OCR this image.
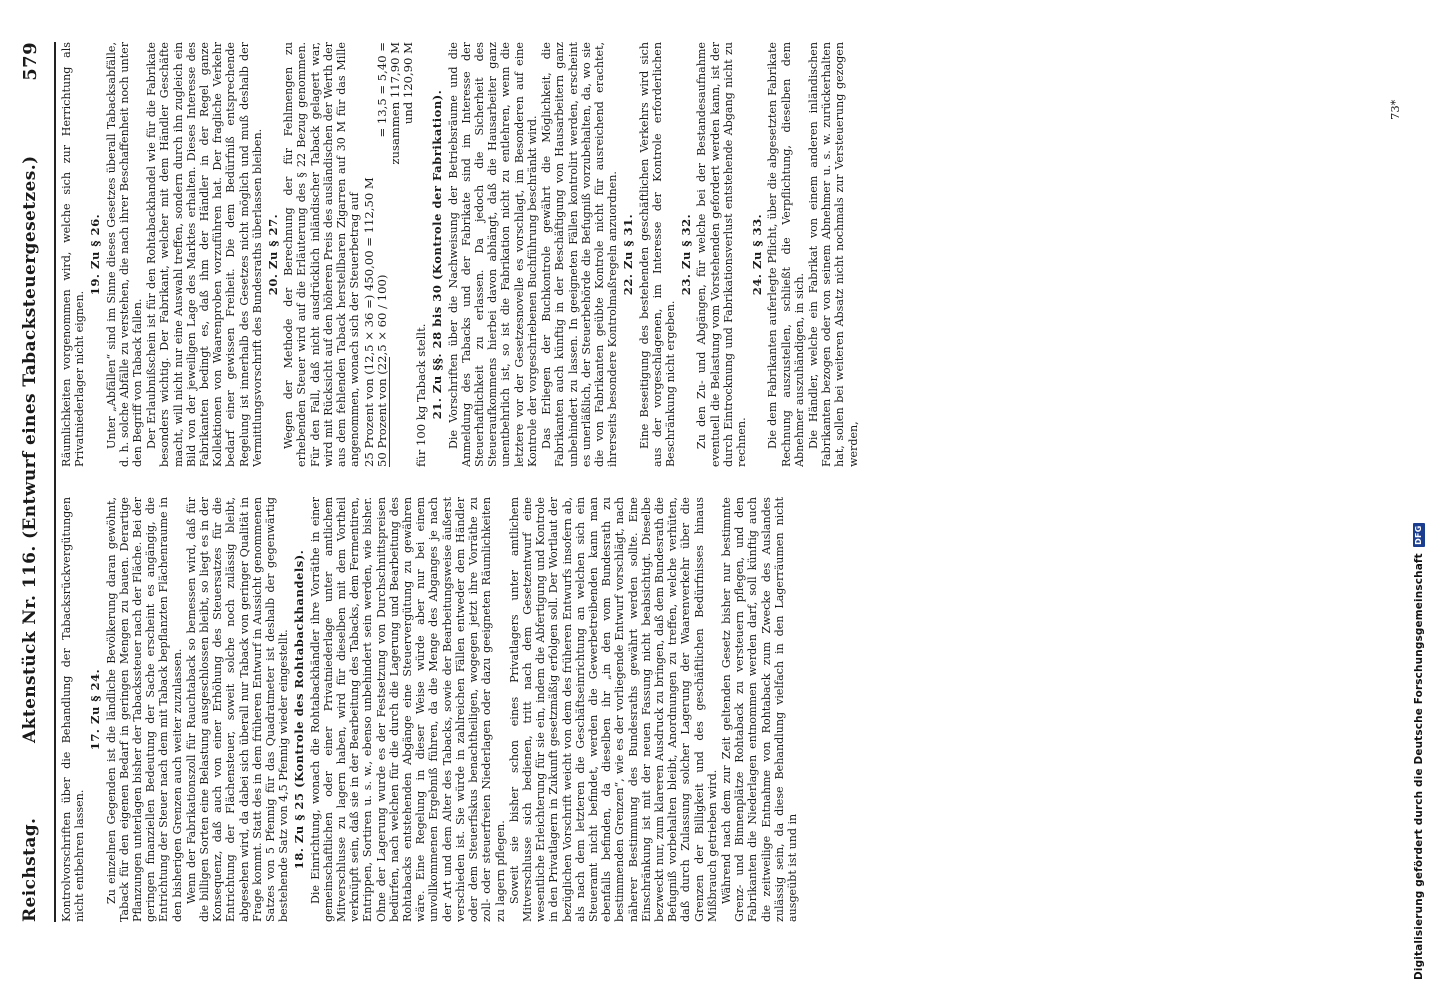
Reichstag.
Aktenstück Nr. 116. (Entwurf eines Tabacksteuergesetzes.)
579

Kontrolvorschriften über die Behandlung der Tabacksrückvergütungen nicht entbehren lassen.

17. Zu § 24. Zu einzelnen Gegenden ist die ländliche Bevölkerung daran gewöhnt, Taback für den eigenen Bedarf in geringen Mengen zu bauen. Derartige Pflanzungen unterlagen bisher der Tabackssteuer nach der Fläche. Bei der geringen finanziellen Bedeutung der Sache erscheint es angängig, die Entrichtung der Steuer nach dem mit Taback bepflanzten Flächenraume in den bisherigen Grenzen auch weiter zuzulassen. Wenn der Fabrikationszoll für Rauchtaback so bemessen wird, daß für die billigen Sorten eine Belastung ausgeschlossen bleibt, so liegt es in der Konsequenz, daß auch von einer Erhöhung des Steuersatzes für die Entrichtung der Flächensteuer, soweit solche noch zulässig bleibt, abgesehen wird, da dabei sich überall nur Taback von geringer Qualität in Frage kommt. Statt des in dem früheren Entwurf in Aussicht genommenen Satzes von 5 Pfennig für das Quadratmeter ist deshalb der gegenwärtig bestehende Satz von 4,5 Pfennig wieder eingestellt. 18. Zu § 25 (Kontrole des Rohtabackhandels). Die Einrichtung, wonach die Rohtabackhändler ihre Vorräthe in einer gemeinschaftlichen oder einer Privatniederlage unter amtlichem Mitverschlusse zu lagern haben, wird für dieselben mit dem Vortheil verknüpft sein, daß sie in der Bearbeitung des Tabacks, dem Fermentiren, Entrippen, Sortiren u. s. w., ebenso unbehindert sein werden, wie bisher. Ohne der Lagerung wurde es der Festsetzung von Durchschnittspreisen bedürfen, nach welchen für die durch die Lagerung und Bearbeitung des Rohtabacks entstehenden Abgänge eine Steuervergütung zu gewähren wäre. Eine Regelung in dieser Weise würde aber nur bei einem unvollkommenen Ergebniß führen, da die Menge des Abganges je nach der Art und dem Alter des Tabacks, sowie der Bearbeitungsweise äußerst verschieden ist. Sie würde in zahlreichen Fällen entweder dem Händler oder dem Steuerfiskus benachtheiligen, wogegen jetzt ihre Vorräthe zu zoll- oder steuerfreien Niederlagen oder dazu geeigneten Räumlichkeiten zu lagern pflegen. Soweit sie bisher schon eines Privatlagers unter amtlichem Mitverschlusse sich bedienen, tritt nach dem Gesetzentwurf eine wesentliche Erleichterung für sie ein, indem die Abfertigung und Kontrole in den Privatlagern in Zukunft gesetzmäßig erfolgen soll. Der Wortlaut der bezüglichen Vorschrift weicht von dem des früheren Entwurfs insofern ab, als nach dem letzteren die Geschäftseinrichtung an welchen sich ein Steueramt nicht befindet, werden die Gewerbetreibenden kann man ebenfalls befinden, da dieselben ihr „in den vom Bundesrath zu bestimmenden Grenzen“, wie es der vorliegende Entwurf vorschlägt, nach näherer Bestimmung des Bundesraths gewährt werden sollte. Eine Einschränkung ist mit der neuen Fassung nicht beabsichtigt. Dieselbe bezweckt nur, zum klareren Ausdruck zu bringen, daß dem Bundesrath die Befugniß vorbehalten bleibt, Anordnungen zu treffen, welche verhüten, daß durch Zulassung solcher Lagerung der Waarenverkehr über die Grenzen der Billigkeit und des geschäftlichen Bedürfnisses hinaus Mißbrauch getrieben wird. Während nach dem zur Zeit geltenden Gesetz bisher nur bestimmte Grenz- und Binnenplätze Rohtaback zu versteuern pflegen, und den Fabrikanten die Niederlagen entnommen werden darf, soll künftig auch die zeitweilige Entnahme von Rohtaback zum Zwecke des Auslandes zulässig sein, da diese Behandlung vielfach in den Lagerräumen nicht ausgeübt ist und in

Räumlichkeiten vorgenommen wird, welche sich zur Herrichtung als Privatniederlager nicht eignen.

19. Zu § 26. Unter „Abfällen“ sind im Sinne dieses Gesetzes überall Tabacksabfälle, d. h. solche Abfälle zu verstehen, die nach ihrer Beschaffenheit noch unter den Begriff von Taback fallen. Der Erlaubnißschein ist für den Rohtabackhandel wie für die Fabrikate besonders wichtig. Der Fabrikant, welcher mit dem Händler Geschäfte macht, will nicht nur eine Auswahl treffen, sondern durch ihn zugleich ein Bild von der jeweiligen Lage des Marktes erhalten. Dieses Interesse des Fabrikanten bedingt es, daß ihm der Händler in der Regel ganze Kollektionen von Waarenproben vorzuführen hat. Der fragliche Verkehr bedarf einer gewissen Freiheit. Die dem Bedürfniß entsprechende Regelung ist innerhalb des Gesetzes nicht möglich und muß deshalb der Vermittlungsvorschrift des Bundesraths überlassen bleiben. 20. Zu § 27. Wegen der Methode der Berechnung der für Fehlmengen zu erhebenden Steuer wird auf die Erläuterung des § 22 Bezug genommen. Für den Fall, daß nicht ausdrücklich inländischer Taback gelagert war, wird mit Rücksicht auf den höheren Preis des ausländischen der Werth der aus dem fehlenden Taback herstellbaren Zigarren auf 30 M für das Mille angenommen, wonach sich der Steuerbetrag auf 25 Prozent von (12,5 × 36 =) 450,00 = 112,50 M 50 Prozent von (22,5 × 60 / 100)
= 13,5 = 5,40 = zusammen 117,90 M und 120,90 M
für 100 kg Taback stellt. 21. Zu §§. 28 bis 30 (Kontrole der Fabrikation). Die Vorschriften über die Nachweisung der Betriebsräume und die Anmeldung des Tabacks und der Fabrikate sind im Interesse der Steuerhaftlichkeit zu erlassen. Da jedoch die Sicherheit des Steueraufkommens hierbei davon abhängt, daß die Hausarbeiter ganz unentbehrlich ist, so ist die Fabrikation nicht zu entlehren, wenn die letztere vor der Gesetzesnovelle es vorschlagt, im Besonderen auf eine Kontrole der vorgeschriebenen Buchführung beschränkt wird. Das Erliegen der Buchkontrole gewährt die Möglichkeit, die Fabrikanten auch künftig in der Beschäftigung von Hausarbeitern ganz unbehindert zu lassen. In geeigneten Fällen kontrolirt werden, erscheint es unerläßlich, der Steuerbehörde die Befugniß vorzubehalten, da, wo sie die von Fabrikanten geübte Kontrole nicht für ausreichend erachtet, ihrerseits besondere Kontrolmaßregeln anzuordnen. 22. Zu § 31. Eine Beseitigung des bestehenden geschäftlichen Verkehrs wird sich aus der vorgeschlagenen, im Interesse der Kontrole erforderlichen Beschränkung nicht ergeben.

23. Zu § 32. Zu den Zu- und Abgängen, für welche bei der Bestandesaufnahme eventuell die Belastung vom Vorstehenden gefordert werden kann, ist der durch Eintrocknung und Fabrikationsverlust entstehende Abgang nicht zu rechnen.

24. Zu § 33. Die dem Fabrikanten auferlegte Pflicht, über die abgesetzten Fabrikate Rechnung auszustellen, schließt die Verpflichtung, dieselben dem Abnehmer auszuhändigen, in sich. Die Händler, welche ein Fabrikat von einem anderen inländischen Fabrikanten bezogen oder von seinem Abnehmer u. s. w. zurückerhalten hat, sollen bei weiteren Absatz nicht nochmals zur Versteuerung gezogen werden,

73*
Digitalisierung gefördert durch die Deutsche Forschungsgemeinschaft
DFG
